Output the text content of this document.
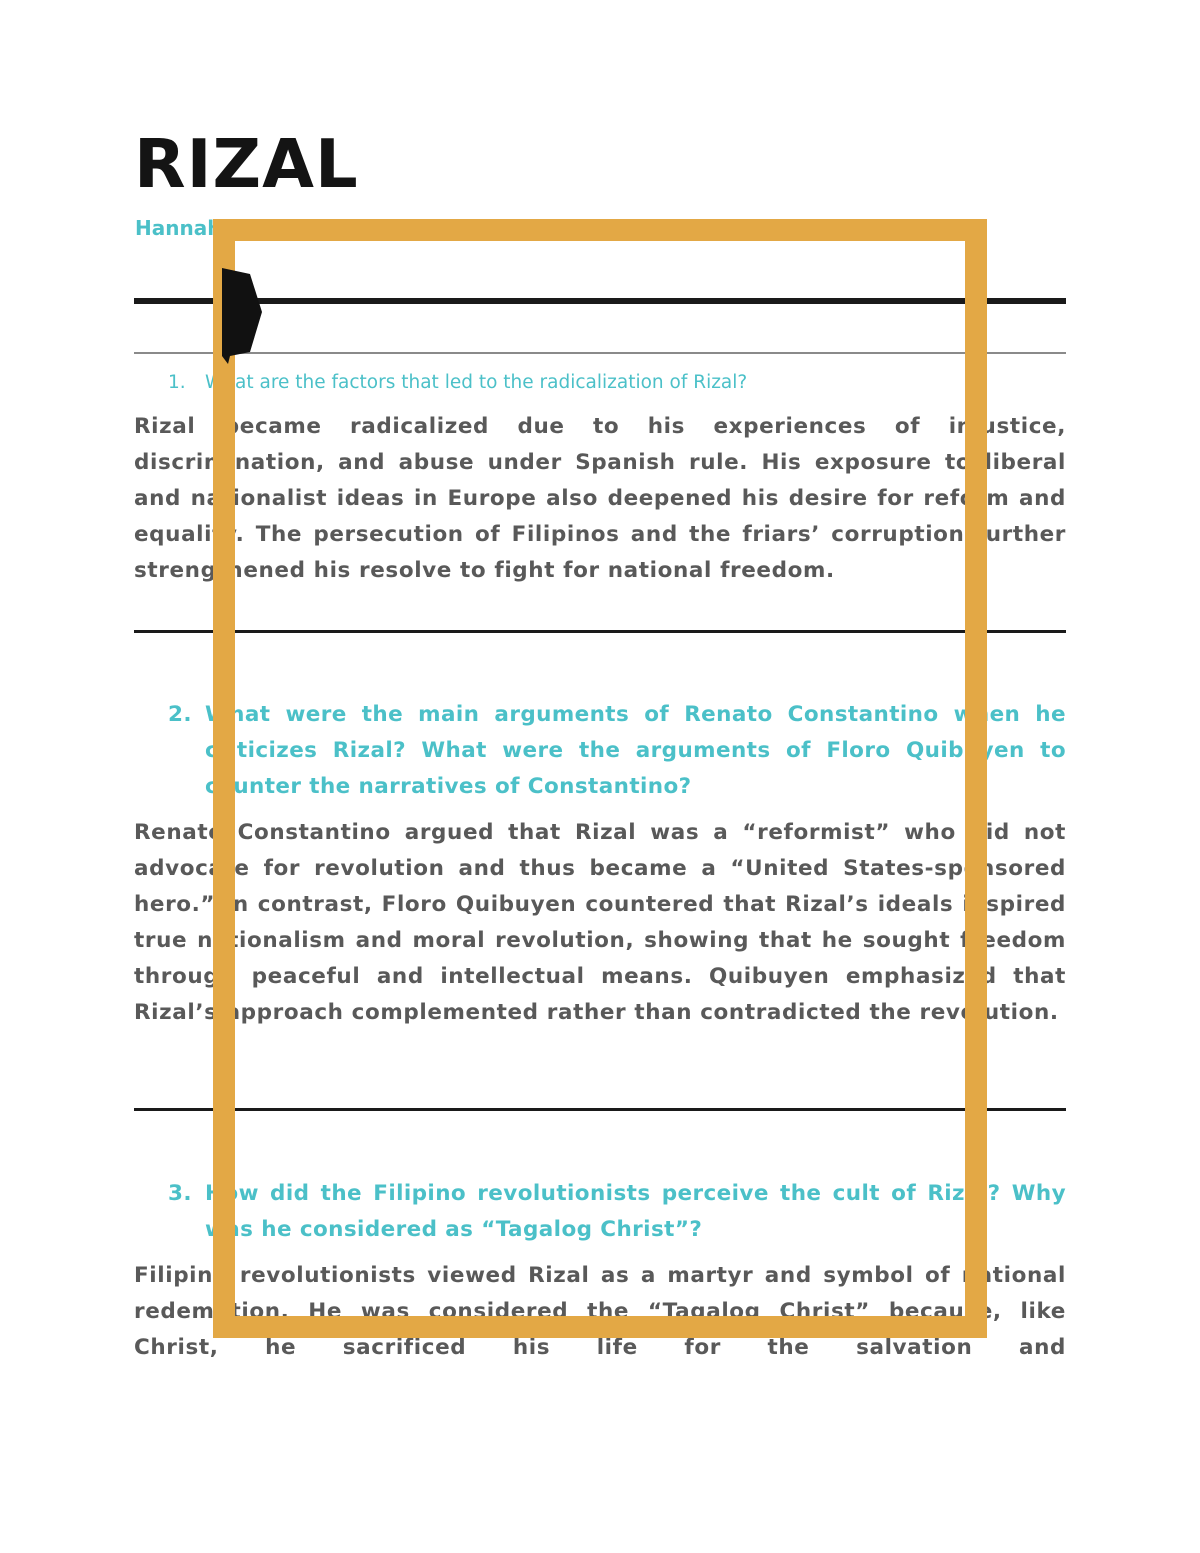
RIZAL
Hannah Alagao Alcalde BSED2 SOCIAL STUDIES

1. What are the factors that led to the radicalization of Rizal?

Rizal became radicalized due to his experiences of injustice, discrimination, and abuse under Spanish rule. His exposure to liberal and nationalist ideas in Europe also deepened his desire for reform and equality. The persecution of Filipinos and the friars’ corruption further strengthened his resolve to fight for national freedom.

2. What were the main arguments of Renato Constantino when he criticizes Rizal? What were the arguments of Floro Quibuyen to counter the narratives of Constantino?

Renato Constantino argued that Rizal was a “reformist” who did not advocate for revolution and thus became a “United States-sponsored hero.” In contrast, Floro Quibuyen countered that Rizal’s ideals inspired true nationalism and moral revolution, showing that he sought freedom through peaceful and intellectual means. Quibuyen emphasized that Rizal’s approach complemented rather than contradicted the revolution.

3. How did the Filipino revolutionists perceive the cult of Rizal? Why was he considered as “Tagalog Christ”?

Filipino revolutionists viewed Rizal as a martyr and symbol of national redemption. He was considered the “Tagalog Christ” because, like Christ, he sacrificed his life for the salvation and
